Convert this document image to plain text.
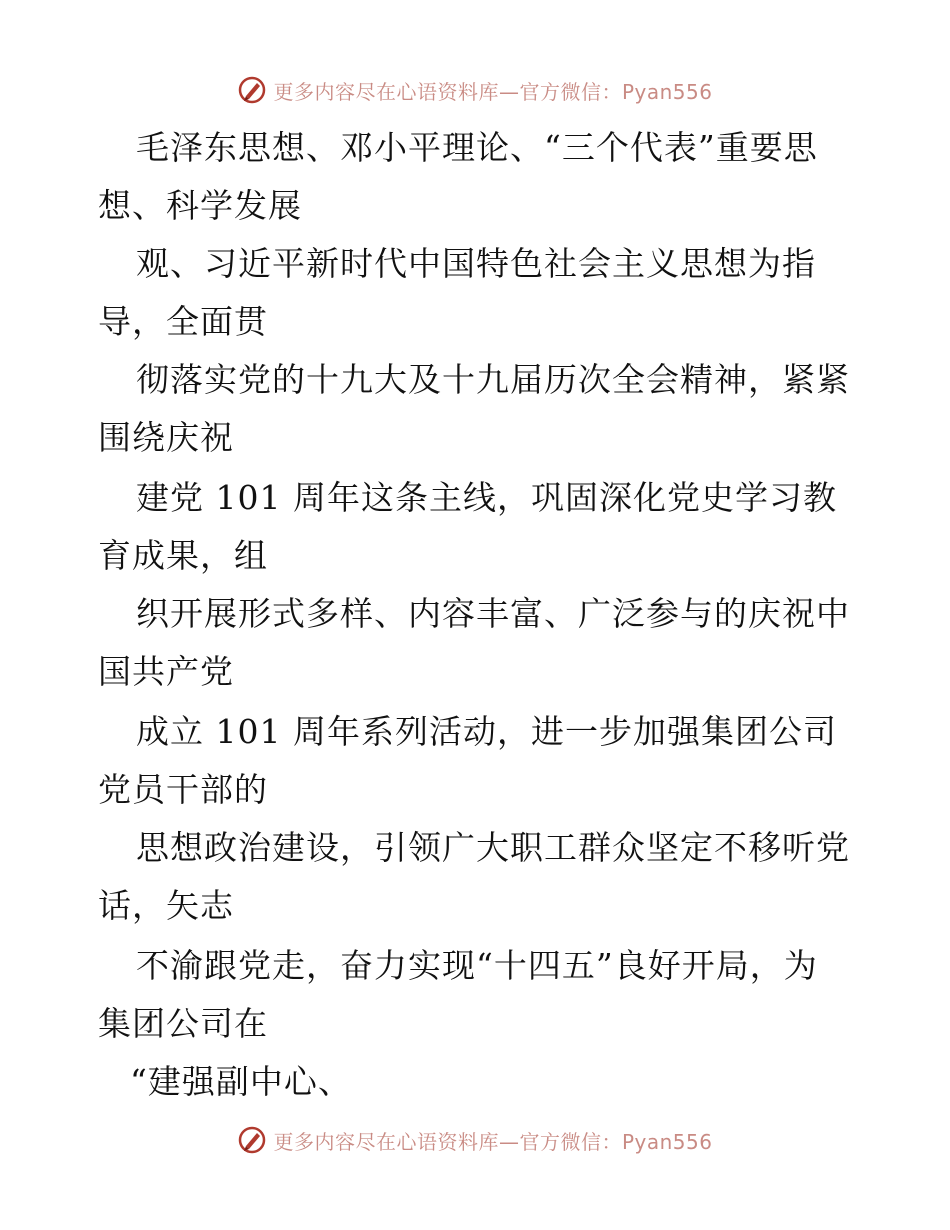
更多内容尽在心语资料库—官方微信：Pyan556
毛泽东思想、邓小平理论、“三个代表”重要思
想、科学发展
观、习近平新时代中国特色社会主义思想为指
导，全面贯
彻落实党的十九大及十九届历次全会精神，紧紧
围绕庆祝
建党 101 周年这条主线，巩固深化党史学习教
育成果，组
织开展形式多样、内容丰富、广泛参与的庆祝中
国共产党
成立 101 周年系列活动，进一步加强集团公司
党员干部的
思想政治建设，引领广大职工群众坚定不移听党
话，矢志
不渝跟党走，奋力实现“十四五”良好开局，为
集团公司在
“建强副中心、
更多内容尽在心语资料库—官方微信：Pyan556
